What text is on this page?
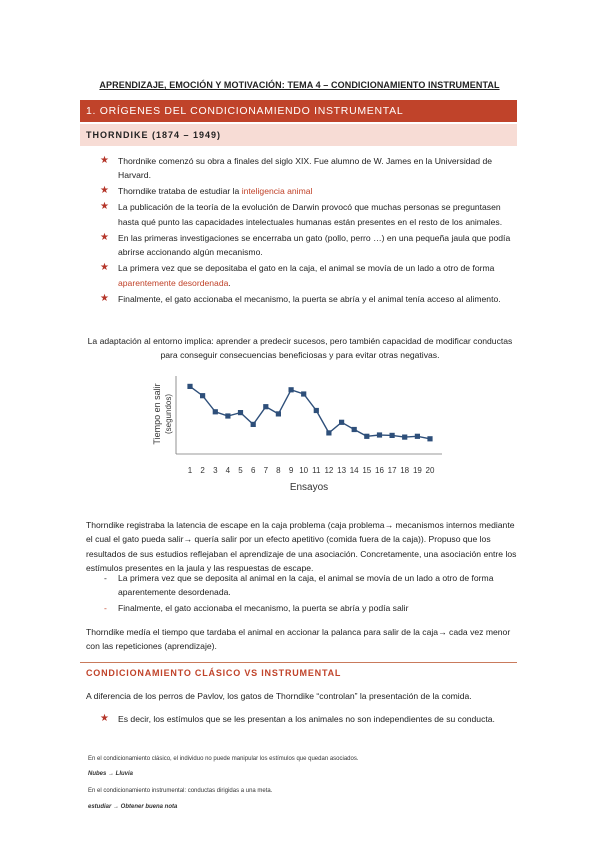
APRENDIZAJE, EMOCIÓN Y MOTIVACIÓN: TEMA 4 – CONDICIONAMIENTO INSTRUMENTAL
1. ORÍGENES DEL CONDICIONAMIENDO INSTRUMENTAL
THORNDIKE (1874 – 1949)
★ Thordnike comenzó su obra a finales del siglo XIX. Fue alumno de W. James en la Universidad de Harvard.
★ Thorndike trataba de estudiar la inteligencia animal
★ La publicación de la teoría de la evolución de Darwin provocó que muchas personas se preguntasen hasta qué punto las capacidades intelectuales humanas están presentes en el resto de los animales.
★ En las primeras investigaciones se encerraba un gato (pollo, perro …) en una pequeña jaula que podía abrirse accionando algún mecanismo.
★ La primera vez que se depositaba el gato en la caja, el animal se movía de un lado a otro de forma aparentemente desordenada.
★ Finalmente, el gato accionaba el mecanismo, la puerta se abría y el animal tenía acceso al alimento.
La adaptación al entorno implica: aprender a predecir sucesos, pero también capacidad de modificar conductas para conseguir consecuencias beneficiosas y para evitar otras negativas.
Tiempo en salir (segundos)
1 2 3 4 5 6 7 8 9 10 11 12 13 14 15 16 17 18 19 20
Ensayos
Thorndike registraba la latencia de escape en la caja problema (caja problema→ mecanismos internos mediante el cual el gato pueda salir→ quería salir por un efecto apetitivo (comida fuera de la caja)). Propuso que los resultados de sus estudios reflejaban el aprendizaje de una asociación. Concretamente, una asociación entre los estímulos presentes en la jaula y las respuestas de escape.
- La primera vez que se deposita al animal en la caja, el animal se movía de un lado a otro de forma aparentemente desordenada.
- Finalmente, el gato accionaba el mecanismo, la puerta se abría y podía salir
Thorndike medía el tiempo que tardaba el animal en accionar la palanca para salir de la caja→ cada vez menor con las repeticiones (aprendizaje).
CONDICIONAMIENTO CLÁSICO VS INSTRUMENTAL
A diferencia de los perros de Pavlov, los gatos de Thorndike “controlan” la presentación de la comida.
★ Es decir, los estímulos que se les presentan a los animales no son independientes de su conducta.
En el condicionamiento clásico, el individuo no puede manipular los estímulos que quedan asociados.
Nubes → Lluvia
En el condicionamiento instrumental: conductas dirigidas a una meta.
estudiar → Obtener buena nota
